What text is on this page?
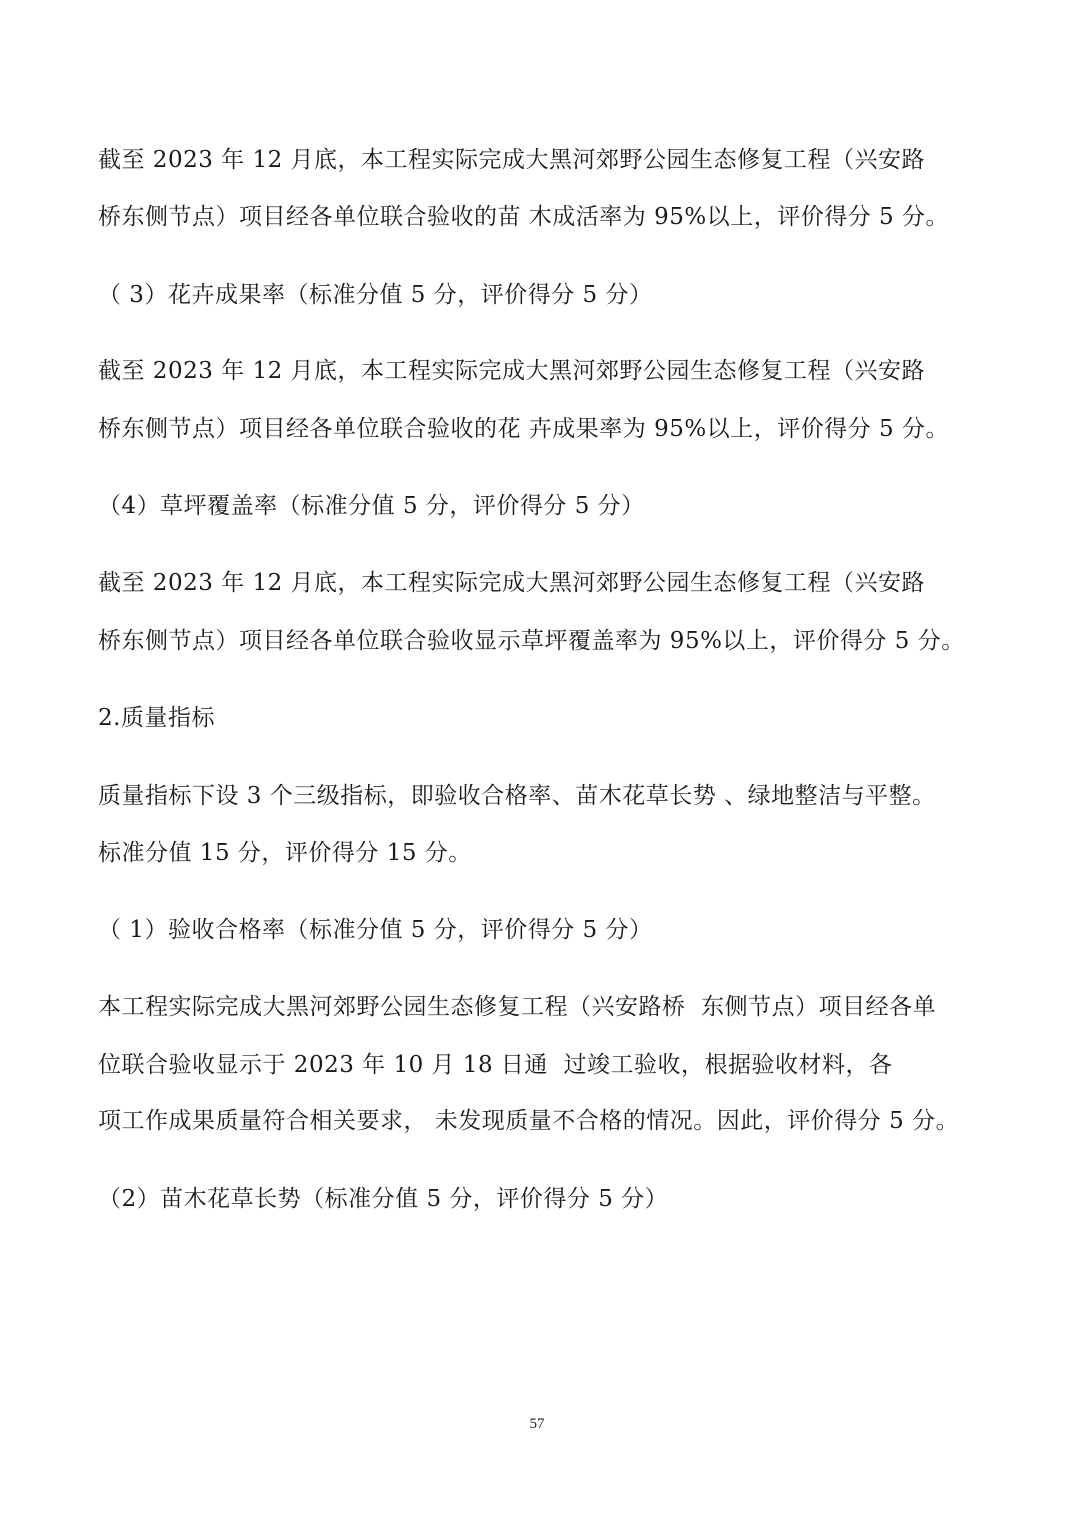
截至 2023 年 12 月底，本工程实际完成大黑河郊野公园生态修复工程（兴安路
桥东侧节点）项目经各单位联合验收的苗 木成活率为 95%以上，评价得分 5 分。
（ 3）花卉成果率（标准分值 5 分，评价得分 5 分）
截至 2023 年 12 月底，本工程实际完成大黑河郊野公园生态修复工程（兴安路
桥东侧节点）项目经各单位联合验收的花 卉成果率为 95%以上，评价得分 5 分。
（4）草坪覆盖率（标准分值 5 分，评价得分 5 分）
截至 2023 年 12 月底，本工程实际完成大黑河郊野公园生态修复工程（兴安路
桥东侧节点）项目经各单位联合验收显示草坪覆盖率为 95%以上，评价得分 5 分。
2.质量指标
质量指标下设 3 个三级指标，即验收合格率、苗木花草长势 、绿地整洁与平整。
标准分值 15 分，评价得分 15 分。
（ 1）验收合格率（标准分值 5 分，评价得分 5 分）
本工程实际完成大黑河郊野公园生态修复工程（兴安路桥  东侧节点）项目经各单
位联合验收显示于 2023 年 10 月 18 日通  过竣工验收，根据验收材料，各
项工作成果质量符合相关要求， 未发现质量不合格的情况。因此，评价得分 5 分。
（2）苗木花草长势（标准分值 5 分，评价得分 5 分）
57
